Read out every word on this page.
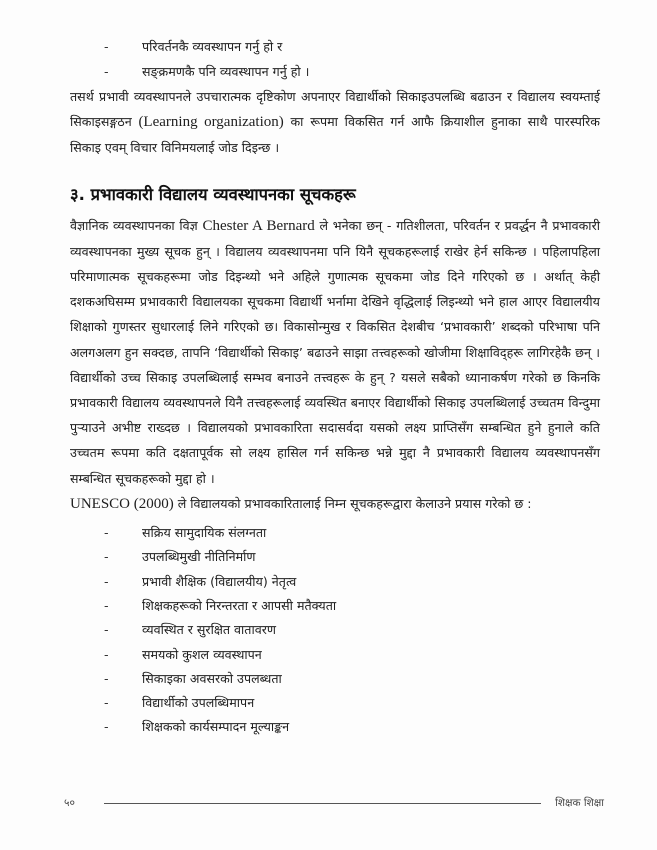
-	परिवर्तनकै व्यवस्थापन गर्नु हो र
-	सङ्क्रमणकै पनि व्यवस्थापन गर्नु हो ।

तसर्थ प्रभावी व्यवस्थापनले उपचारात्मक दृष्टिकोण अपनाएर विद्यार्थीको सिकाइउपलब्धि बढाउन र विद्यालय स्वयम्ताई सिकाइसङ्गठन (Learning organization) का रूपमा विकसित गर्न आफै क्रियाशील हुनाका साथै पारस्परिक सिकाइ एवम् विचार विनिमयलाई जोड दिइन्छ ।

३. प्रभावकारी विद्यालय व्यवस्थापनका सूचकहरू

वैज्ञानिक व्यवस्थापनका विज्ञ Chester A Bernard ले भनेका छन् - गतिशीलता, परिवर्तन र प्रवर्द्धन नै प्रभावकारी व्यवस्थापनका मुख्य सूचक हुन् । विद्यालय व्यवस्थापनमा पनि यिनै सूचकहरूलाई राखेर हेर्न सकिन्छ । पहिलापहिला परिमाणात्मक सूचकहरूमा जोड दिइन्थ्यो भने अहिले गुणात्मक सूचकमा जोड दिने गरिएको छ । अर्थात् केही दशकअघिसम्म प्रभावकारी विद्यालयका सूचकमा विद्यार्थी भर्नामा देखिने वृद्धिलाई लिइन्थ्यो भने हाल आएर विद्यालयीय शिक्षाको गुणस्तर सुधारलाई लिने गरिएको छ। विकासोन्मुख र विकसित देशबीच ‘प्रभावकारी’ शब्दको परिभाषा पनि अलगअलग हुन सक्दछ, तापनि ‘विद्यार्थीको सिकाइ’ बढाउने साझा तत्त्वहरूको खोजीमा शिक्षाविद्हरू लागिरहेकै छन् । विद्यार्थीको उच्च सिकाइ उपलब्धिलाई सम्भव बनाउने तत्त्वहरू के हुन् ? यसले सबैको ध्यानाकर्षण गरेको छ किनकि प्रभावकारी विद्यालय व्यवस्थापनले यिनै तत्त्वहरूलाई व्यवस्थित बनाएर विद्यार्थीको सिकाइ उपलब्धिलाई उच्चतम विन्दुमा पुऱ्याउने अभीष्ट राख्दछ । विद्यालयको प्रभावकारिता सदासर्वदा यसको लक्ष्य प्राप्तिसँग सम्बन्धित हुने हुनाले कति उच्चतम रूपमा कति दक्षतापूर्वक सो लक्ष्य हासिल गर्न सकिन्छ भन्ने मुद्दा नै प्रभावकारी विद्यालय व्यवस्थापनसँग सम्बन्धित सूचकहरूको मुद्दा हो ।

UNESCO (2000) ले विद्यालयको प्रभावकारितालाई निम्न सूचकहरूद्वारा केलाउने प्रयास गरेको छ :

-	सक्रिय सामुदायिक संलग्नता
-	उपलब्धिमुखी नीतिनिर्माण
-	प्रभावी शैक्षिक (विद्यालयीय) नेतृत्व
-	शिक्षकहरूको निरन्तरता र आपसी मतैक्यता
-	व्यवस्थित र सुरक्षित वातावरण
-	समयको कुशल व्यवस्थापन
-	सिकाइका अवसरको उपलब्धता
-	विद्यार्थीको उपलब्धिमापन
-	शिक्षकको कार्यसम्पादन मूल्याङ्कन
५०	शिक्षक शिक्षा
